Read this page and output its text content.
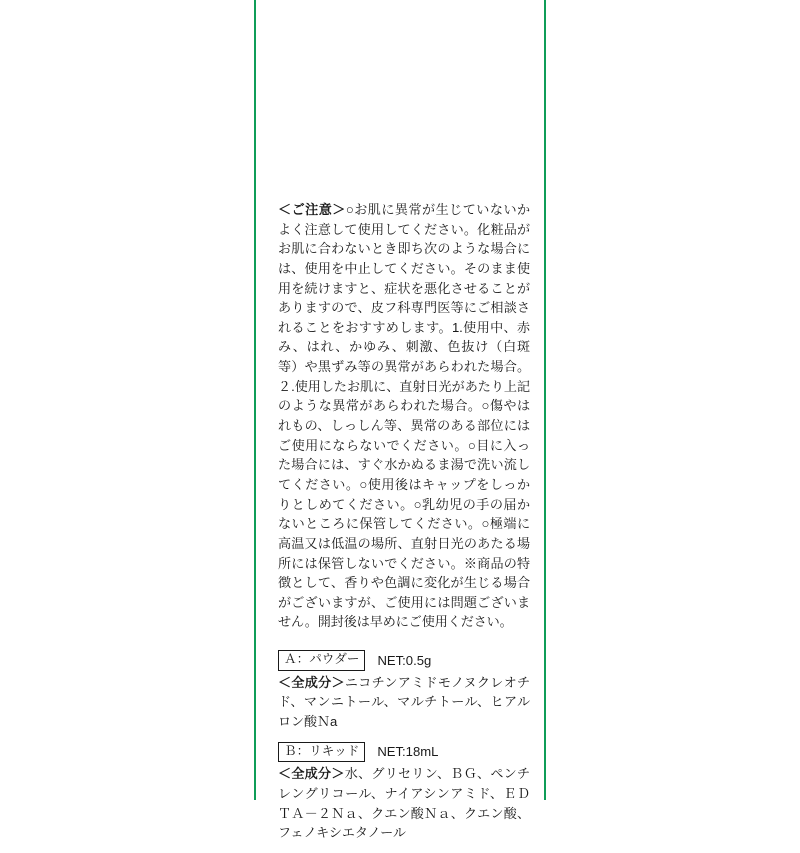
＜ご注意＞○お肌に異常が生じていないかよく注意して使用してください。化粧品がお肌に合わないとき即ち次のような場合には、使用を中止してください。そのまま使用を続けますと、症状を悪化させることがありますので、皮フ科専門医等にご相談されることをおすすめします。1.使用中、赤み、はれ、かゆみ、刺激、色抜け（白斑等）や黒ずみ等の異常があらわれた場合。２.使用したお肌に、直射日光があたり上記のような異常があらわれた場合。○傷やはれもの、しっしん等、異常のある部位にはご使用にならないでください。○目に入った場合には、すぐ水かぬるま湯で洗い流してください。○使用後はキャップをしっかりとしめてください。○乳幼児の手の届かないところに保管してください。○極端に高温又は低温の場所、直射日光のあたる場所には保管しないでください。※商品の特徴として、香りや色調に変化が生じる場合がございますが、ご使用には問題ございません。開封後は早めにご使用ください。

Ａ：パウダー	NET:0.5g

＜全成分＞ニコチンアミドモノヌクレオチド、マンニトール、マルチトール、ヒアルロン酸Ｎa

Ｂ：リキッド	NET:18mL

＜全成分＞水、グリセリン、ＢＧ、ペンチレングリコール、ナイアシンアミド、ＥＤＴＡ－２Ｎａ、クエン酸Ｎａ、クエン酸、フェノキシエタノール
